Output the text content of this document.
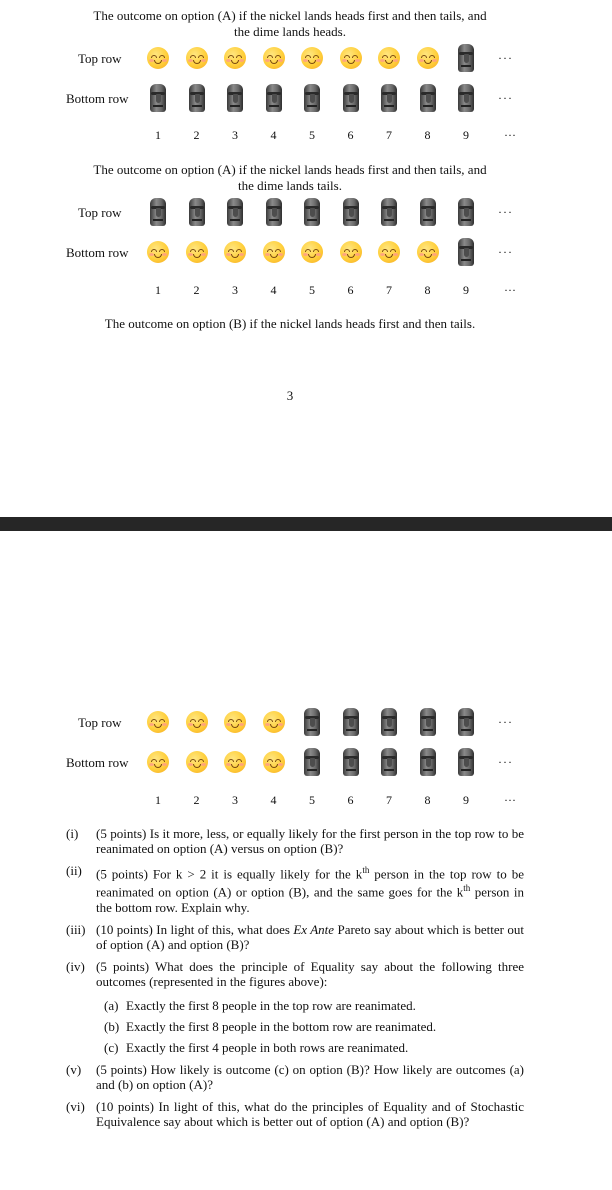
The outcome on option (A) if the nickel lands heads first and then tails, and
the dime lands heads.
Top row	···
Bottom row	···
1	2	3	4	5	6	7	8	9	···
The outcome on option (A) if the nickel lands heads first and then tails, and
the dime lands tails.
Top row	···
Bottom row	···
1	2	3	4	5	6	7	8	9	···
The outcome on option (B) if the nickel lands heads first and then tails.
3
Top row	···
Bottom row	···
1	2	3	4	5	6	7	8	9	···
(i) (5 points) Is it more, less, or equally likely for the first person in the top row to be reanimated on option (A) versus on option (B)?
(ii) (5 points) For k > 2 it is equally likely for the $k^{th}$ person in the top row to be reanimated on option (A) or option (B), and the same goes for the $k^{th}$ person in the bottom row. Explain why.
(iii) (10 points) In light of this, what does Ex Ante Pareto say about which is better out of option (A) and option (B)?
(iv) (5 points) What does the principle of Equality say about the following three outcomes (represented in the figures above):
(a) Exactly the first 8 people in the top row are reanimated.
(b) Exactly the first 8 people in the bottom row are reanimated.
(c) Exactly the first 4 people in both rows are reanimated.
(v) (5 points) How likely is outcome (c) on option (B)? How likely are outcomes (a) and (b) on option (A)?
(vi) (10 points) In light of this, what do the principles of Equality and of Stochastic Equivalence say about which is better out of option (A) and option (B)?
